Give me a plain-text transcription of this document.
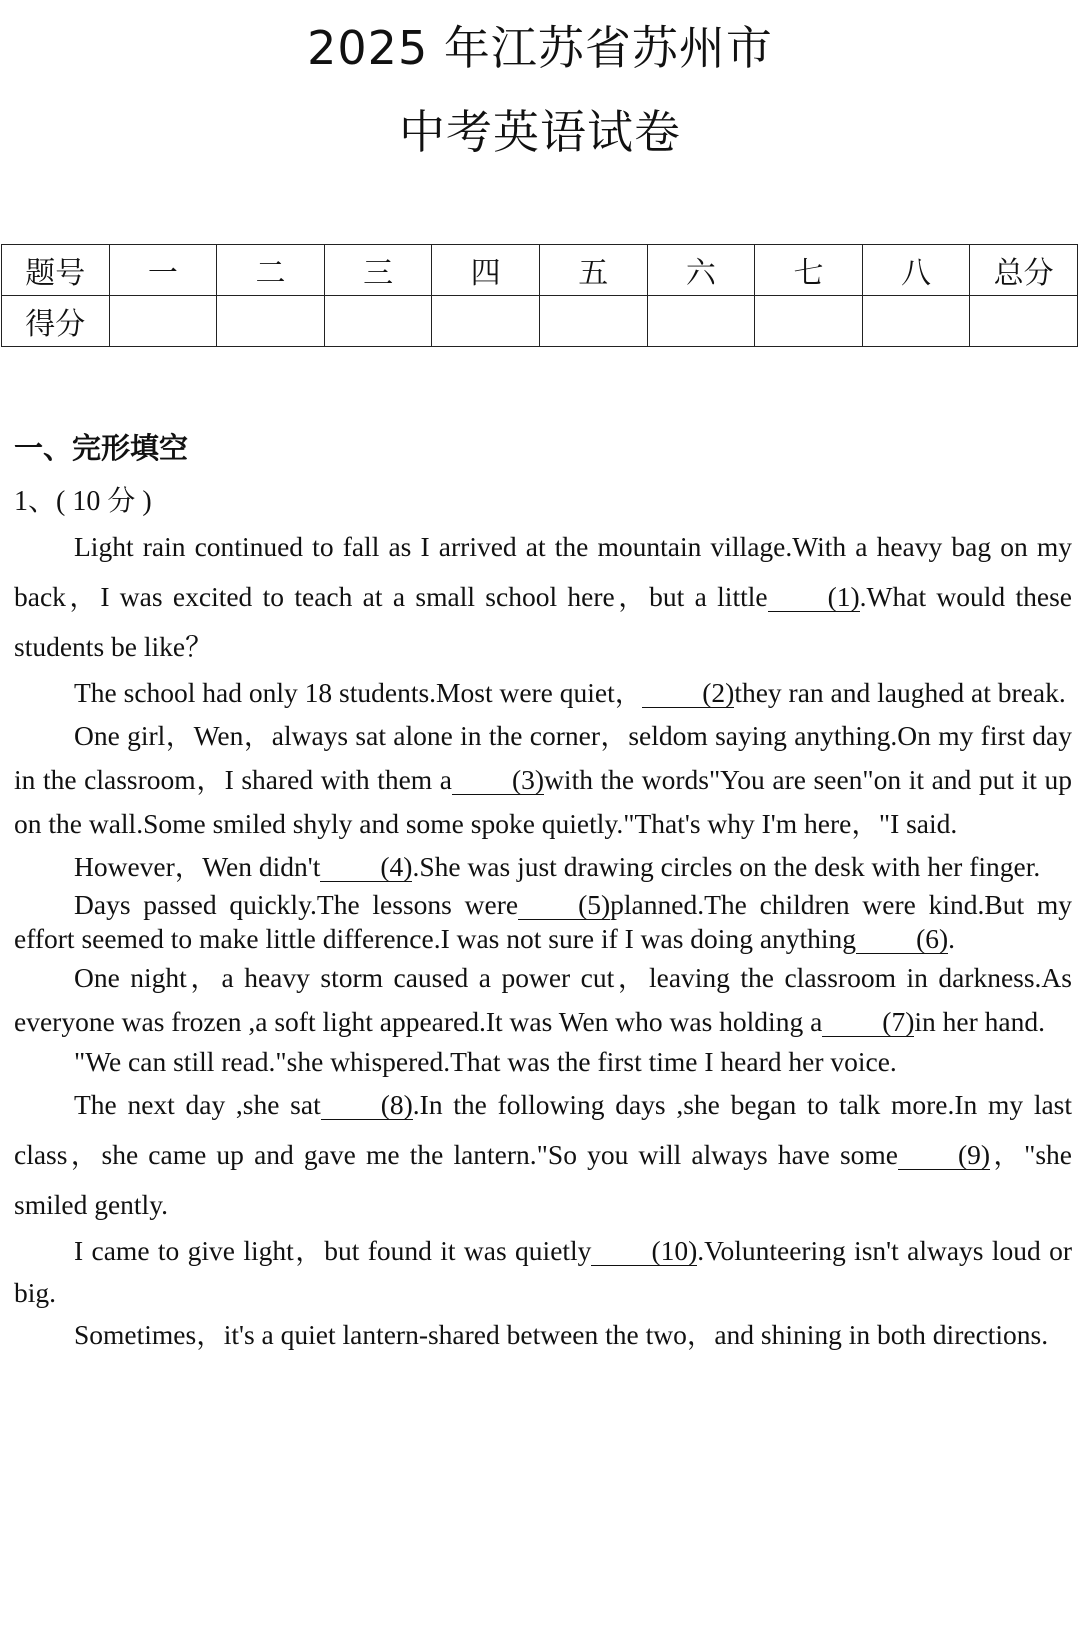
2025 年江苏省苏州市
中考英语试卷
题号	一	二	三	四	五	六	七	八	总分
得分									
一、完形填空
1、( 10 分 )

Light rain continued to fall as I arrived at the mountain village.With a heavy bag on my back，I was excited to teach at a small school here，but a little (1).What would these students be like？

The school had only 18 students.Most were quiet， (2)they ran and laughed at break.

One girl，Wen，always sat alone in the corner，seldom saying anything.On my first day in the classroom，I shared with them a (3)with the words"You are seen"on it and put it up on the wall.Some smiled shyly and some spoke quietly."That's why I'm here，"I said.

However，Wen didn't (4).She was just drawing circles on the desk with her finger.

Days passed quickly.The lessons were (5)planned.The children were kind.But my effort seemed to make little difference.I was not sure if I was doing anything (6).

One night，a heavy storm caused a power cut，leaving the classroom in darkness.As everyone was frozen ,a soft light appeared.It was Wen who was holding a (7)in her hand.

"We can still read."she whispered.That was the first time I heard her voice.

The next day ,she sat (8).In the following days ,she began to talk more.In my last class，she came up and gave me the lantern."So you will always have some (9)，"she smiled gently.

I came to give light，but found it was quietly (10).Volunteering isn't always loud or big.

Sometimes，it's a quiet lantern-shared between the two，and shining in both directions.
